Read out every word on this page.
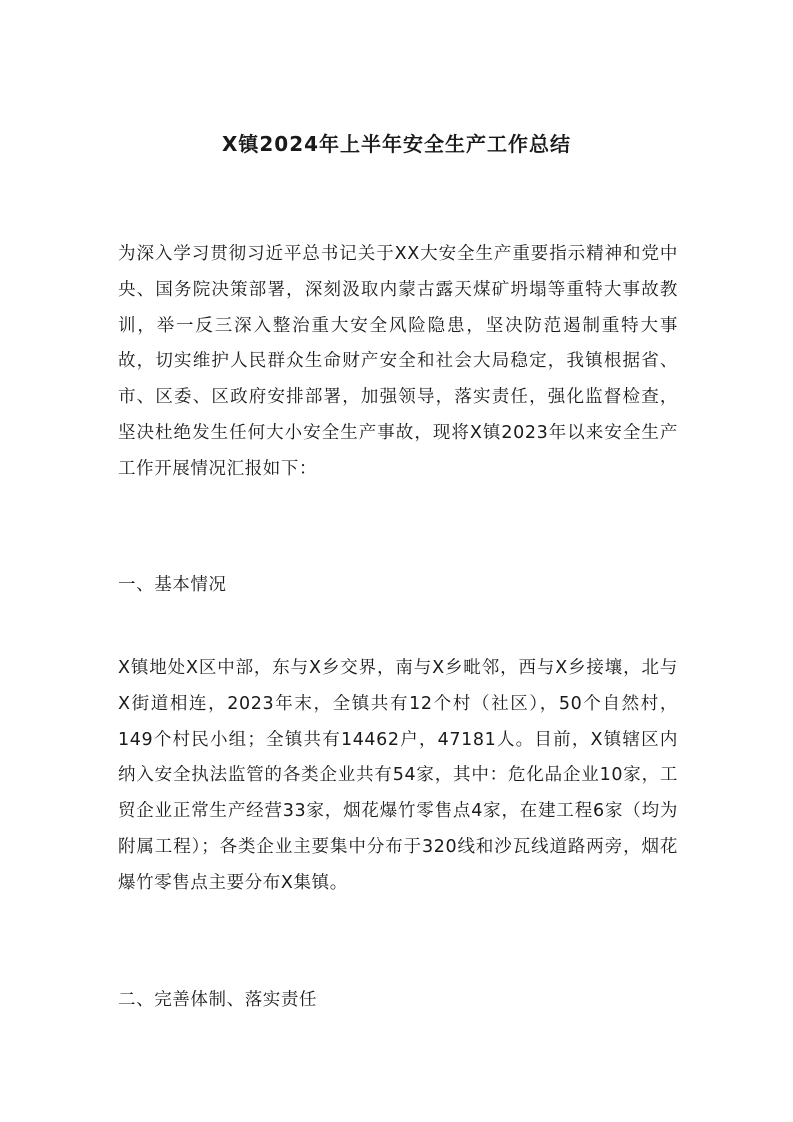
X镇2024年上半年安全生产工作总结
为深入学习贯彻习近平总书记关于XX大安全生产重要指示精神和党中央、国务院决策部署，深刻汲取内蒙古露天煤矿坍塌等重特大事故教训，举一反三深入整治重大安全风险隐患，坚决防范遏制重特大事故，切实维护人民群众生命财产安全和社会大局稳定，我镇根据省、市、区委、区政府安排部署，加强领导，落实责任，强化监督检查，坚决杜绝发生任何大小安全生产事故，现将X镇2023年以来安全生产工作开展情况汇报如下：
一、基本情况
X镇地处X区中部，东与X乡交界，南与X乡毗邻，西与X乡接壤，北与X街道相连，2023年末，全镇共有12个村（社区），50个自然村，149个村民小组；全镇共有14462户，47181人。目前，X镇辖区内纳入安全执法监管的各类企业共有54家，其中：危化品企业10家，工贸企业正常生产经营33家，烟花爆竹零售点4家，在建工程6家（均为附属工程）；各类企业主要集中分布于320线和沙瓦线道路两旁，烟花爆竹零售点主要分布X集镇。
二、完善体制、落实责任
